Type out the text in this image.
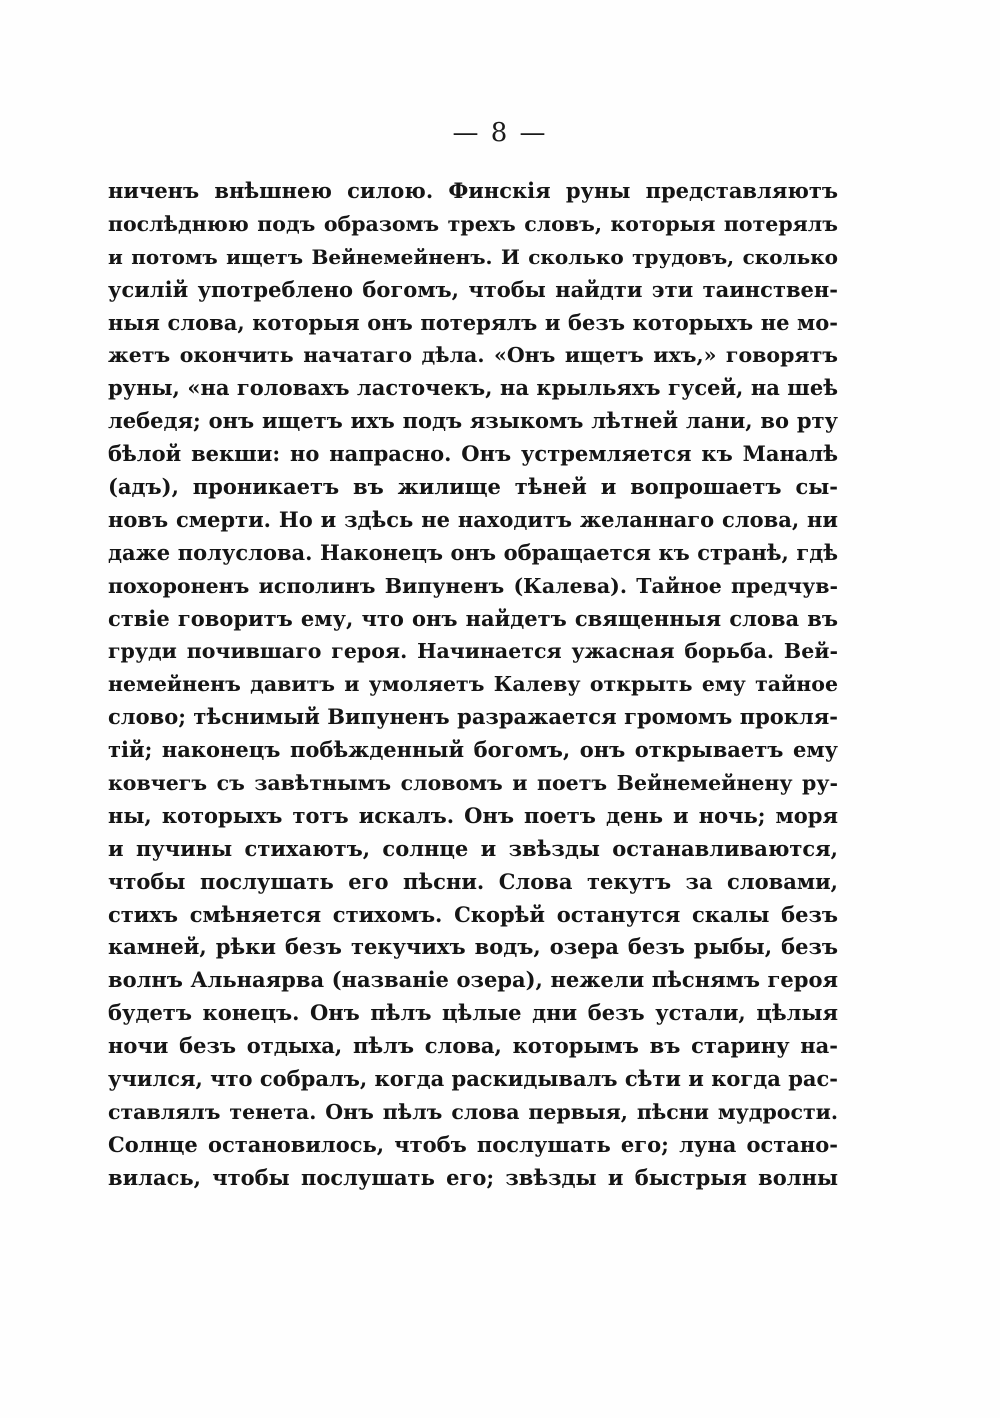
— 8 —
ниченъ внѣшнею силою. Финскія руны представляютъ
послѣднюю подъ образомъ трехъ словъ, которыя потерялъ
и потомъ ищетъ Вейнемейненъ. И сколько трудовъ, сколько
усилій употреблено богомъ, чтобы найдти эти таинствен-
ныя слова, которыя онъ потерялъ и безъ которыхъ не мо-
жетъ окончить начатаго дѣла. «Онъ ищетъ ихъ,» говорятъ
руны, «на головахъ ласточекъ, на крыльяхъ гусей, на шеѣ
лебедя; онъ ищетъ ихъ подъ языкомъ лѣтней лани, во рту
бѣлой векши: но напрасно. Онъ устремляется къ Маналѣ
(адъ), проникаетъ въ жилище тѣней и вопрошаетъ сы-
новъ смерти. Но и здѣсь не находитъ желаннаго слова, ни
даже полуслова. Наконецъ онъ обращается къ странѣ, гдѣ
похороненъ исполинъ Випуненъ (Калева). Тайное предчув-
ствіе говоритъ ему, что онъ найдетъ священныя слова въ
груди почившаго героя. Начинается ужасная борьба. Вей-
немейненъ давитъ и умоляетъ Калеву открыть ему тайное
слово; тѣснимый Випуненъ разражается громомъ прокля-
тій; наконецъ побѣжденный богомъ, онъ открываетъ ему
ковчегъ съ завѣтнымъ словомъ и поетъ Вейнемейнену ру-
ны, которыхъ тотъ искалъ. Онъ поетъ день и ночь; моря
и пучины стихаютъ, солнце и звѣзды останавливаются,
чтобы послушать его пѣсни. Слова текутъ за словами,
стихъ смѣняется стихомъ. Скорѣй останутся скалы безъ
камней, рѣки безъ текучихъ водъ, озера безъ рыбы, безъ
волнъ Альнаярва (названіе озера), нежели пѣснямъ героя
будетъ конецъ. Онъ пѣлъ цѣлые дни безъ устали, цѣлыя
ночи безъ отдыха, пѣлъ слова, которымъ въ старину на-
учился, что собралъ, когда раскидывалъ сѣти и когда рас-
ставлялъ тенета. Онъ пѣлъ слова первыя, пѣсни мудрости.
Солнце остановилось, чтобъ послушать его; луна остано-
вилась, чтобы послушать его; звѣзды и быстрыя волны
